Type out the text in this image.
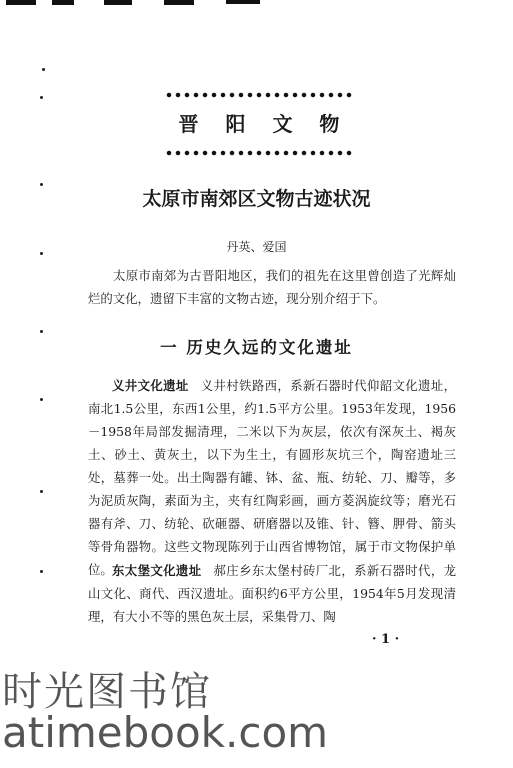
晋 阳 文 物
太原市南郊区文物古迹状况
丹英、爱国
太原市南郊为古晋阳地区，我们的祖先在这里曾创造了光辉灿烂的文化，遗留下丰富的文物古迹，现分别介绍于下。
一 历史久远的文化遗址
义井文化遗址 义井村铁路西，系新石器时代仰韶文化遗址，南北1.5公里，东西1公里，约1.5平方公里。1953年发现，1956－1958年局部发掘清理，二米以下为灰层，依次有深灰土、褐灰土、砂土、黄灰土，以下为生土，有圆形灰坑三个，陶窑遗址三处，墓葬一处。出土陶器有罐、钵、盆、瓶、纺轮、刀、瓣等，多为泥质灰陶，素面为主，夹有红陶彩画，画方菱涡旋纹等；磨光石器有斧、刀、纺轮、砍砸器、研磨器以及锥、针、簪、胛骨、箭头等骨角器物。这些文物现陈列于山西省博物馆，属于市文物保护单位。 东太堡文化遗址 郝庄乡东太堡村砖厂北，系新石器时代，龙山文化、商代、西汉遗址。面积约6平方公里，1954年5月发现清理，有大小不等的黑色灰土层，采集骨刀、陶
· 1 ·
时光图书馆
atimebook.com
